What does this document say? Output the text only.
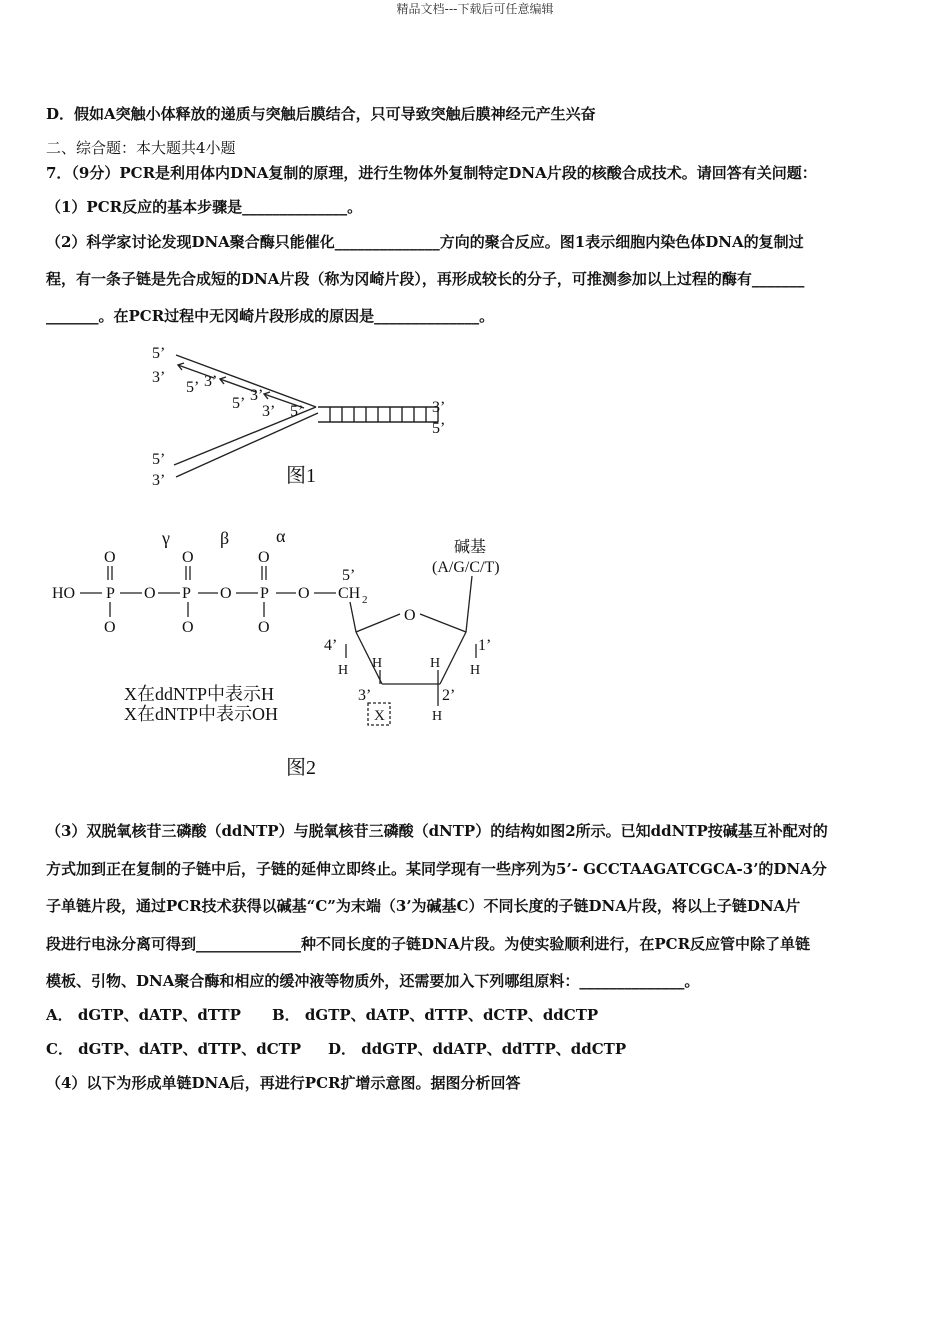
精品文档---下载后可任意编辑
D．假如A突触小体释放的递质与突触后膜结合，只可导致突触后膜神经元产生兴奋
二、综合题：本大题共4小题
7．（9分）PCR是利用体内DNA复制的原理，进行生物体外复制特定DNA片段的核酸合成技术。请回答有关问题：
（1）PCR反应的基本步骤是______________。
（2）科学家讨论发现DNA聚合酶只能催化______________方向的聚合反应。图1表示细胞内染色体DNA的复制过
程，有一条子链是先合成短的DNA片段（称为冈崎片段），再形成较长的分子，可推测参加以上过程的酶有_______
_______。在PCR过程中无冈崎片段形成的原因是______________。
5’
3’
5’ 3’
5’ 3’
5’
3’	3’
5’
5’
3’	图1
γ	β	α
O	O	O
HO P O P O P O CH 2
5’
O	O	O
碱基
(A/G/C/T)
O
4’	1’
H H	H H
3’	2’
X	H
X在ddNTP中表示H
X在dNTP中表示OH
图2
（3）双脱氧核苷三磷酸（ddNTP）与脱氧核苷三磷酸（dNTP）的结构如图2所示。已知ddNTP按碱基互补配对的
方式加到正在复制的子链中后，子链的延伸立即终止。某同学现有一些序列为5’- GCCTAAGATCGCA-3’的DNA分
子单链片段，通过PCR技术获得以碱基“C”为末端（3’为碱基C）不同长度的子链DNA片段，将以上子链DNA片
段进行电泳分离可得到______________种不同长度的子链DNA片段。为使实验顺利进行，在PCR反应管中除了单链
模板、引物、DNA聚合酶和相应的缓冲液等物质外，还需要加入下列哪组原料：______________。
A． dGTP、dATP、dTTP B． dGTP、dATP、dTTP、dCTP、ddCTP
C． dGTP、dATP、dTTP、dCTP D． ddGTP、ddATP、ddTTP、ddCTP
（4）以下为形成单链DNA后，再进行PCR扩增示意图。据图分析回答
